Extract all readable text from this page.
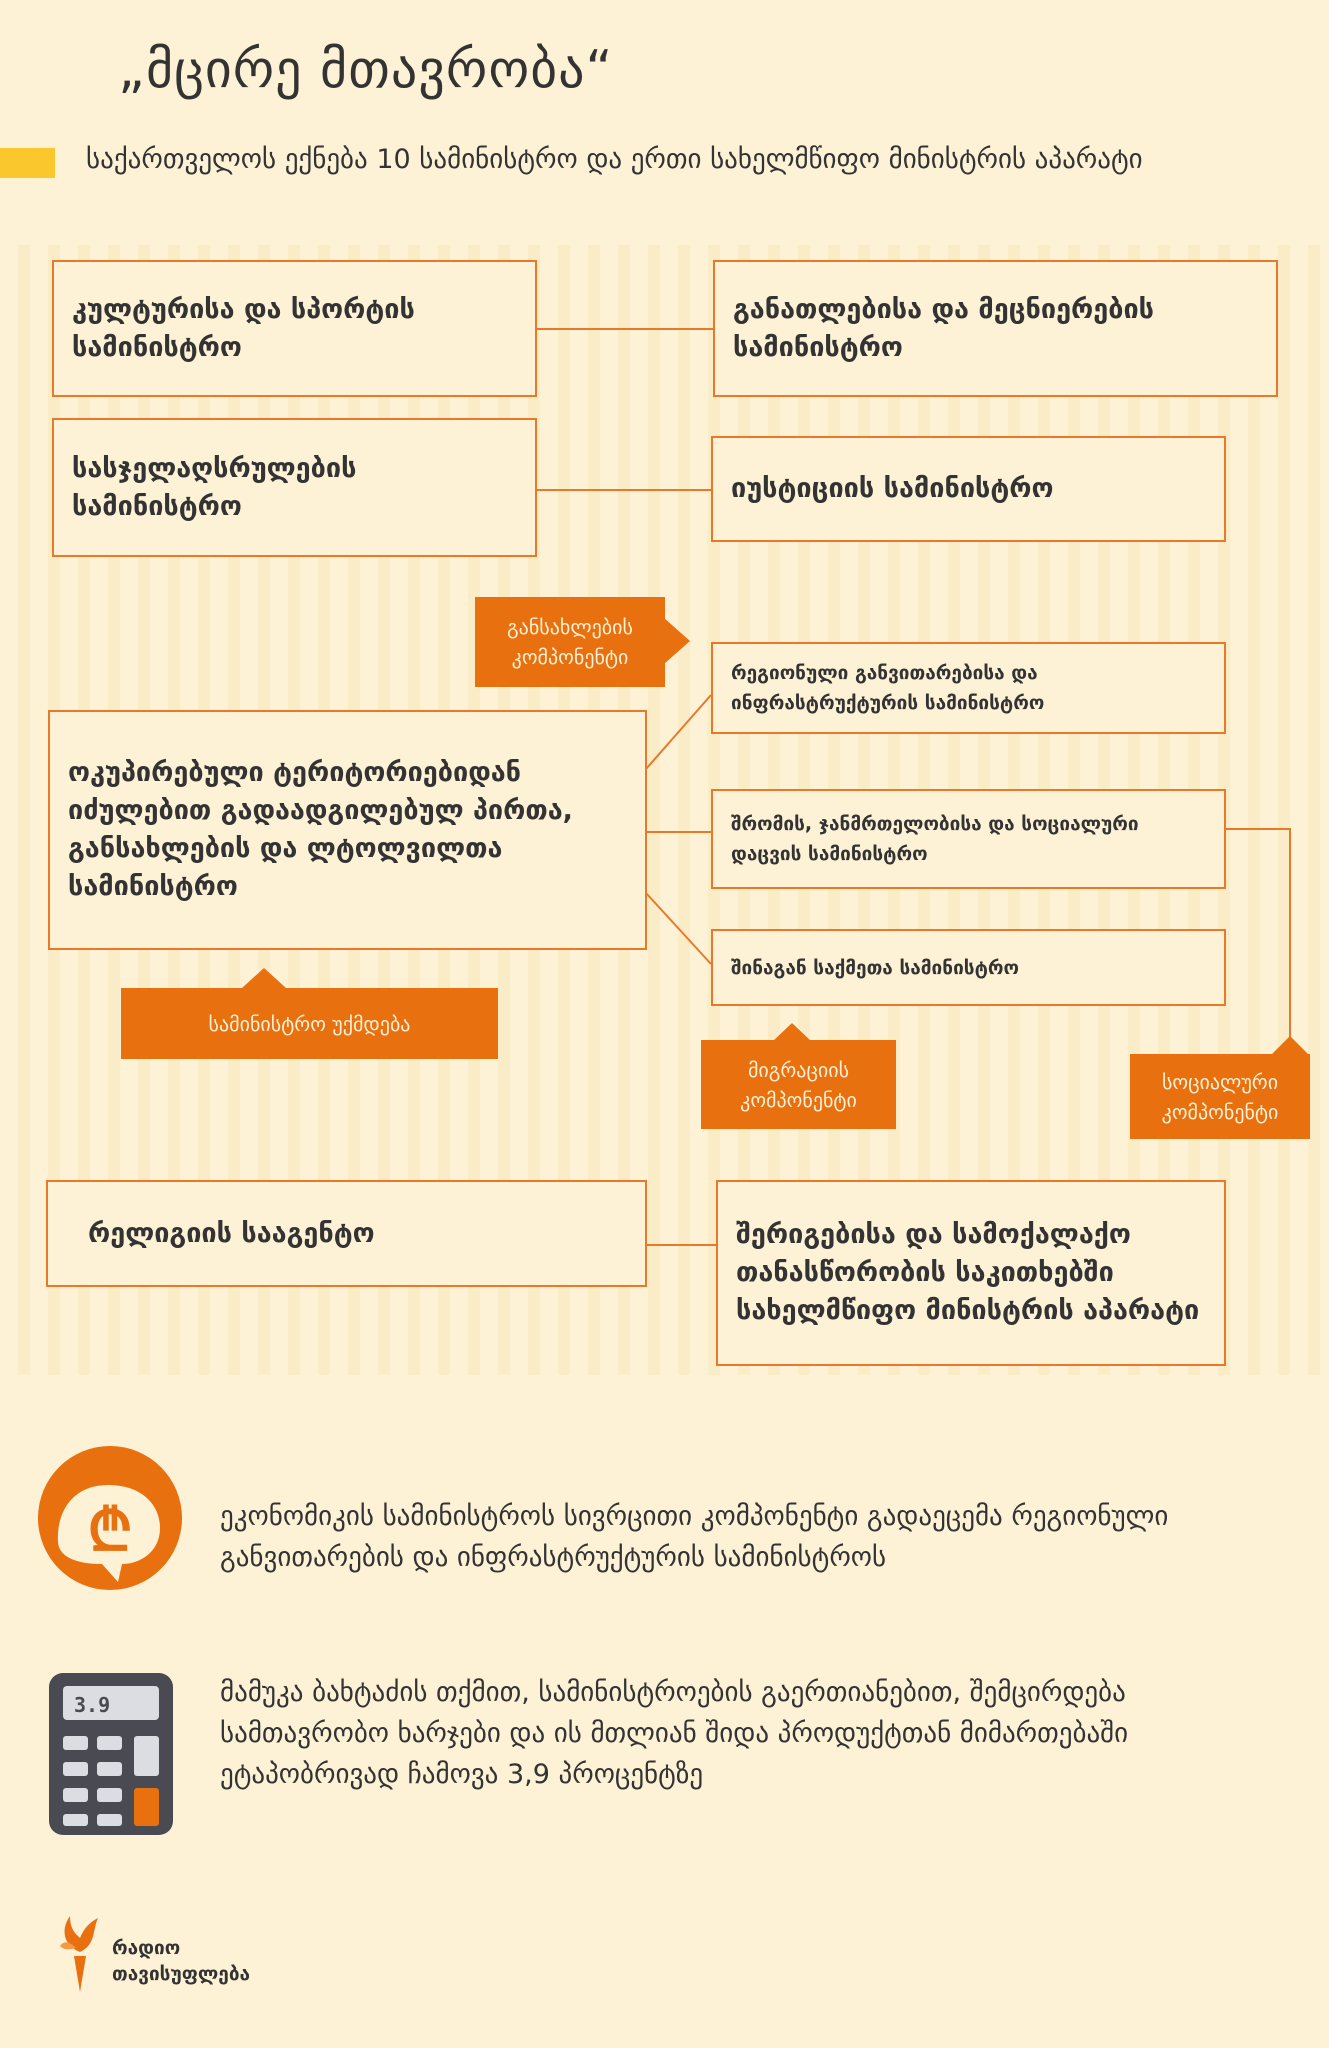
„მცირე მთავრობა“
საქართველოს ექნება 10 სამინისტრო და ერთი სახელმწიფო მინისტრის აპარატი
კულტურისა და სპორტის სამინისტრო
განათლებისა და მეცნიერების სამინისტრო
სასჯელაღსრულების სამინისტრო
იუსტიციის სამინისტრო
განსახლების კომპონენტი
ოკუპირებული ტერიტორიებიდან იძულებით გადაადგილებულ პირთა, განსახლების და ლტოლვილთა სამინისტრო
რეგიონული განვითარებისა და ინფრასტრუქტურის სამინისტრო
შრომის, ჯანმრთელობისა და სოციალური დაცვის სამინისტრო
შინაგან საქმეთა სამინისტრო
სამინისტრო უქმდება
მიგრაციის კომპონენტი
სოციალური კომპონენტი
რელიგიის სააგენტო	შერიგებისა და სამოქალაქო თანასწორობის საკითხებში სახელმწიფო მინისტრის აპარატი
₾	ეკონომიკის სამინისტროს სივრცითი კომპონენტი გადაეცემა რეგიონული განვითარების და ინფრასტრუქტურის სამინისტროს
3.9	მამუკა ბახტაძის თქმით, სამინისტროების გაერთიანებით, შემცირდება სამთავრობო ხარჯები და ის მთლიან შიდა პროდუქტთან მიმართებაში ეტაპობრივად ჩამოვა 3,9 პროცენტზე
რადიო
თავისუფლება
